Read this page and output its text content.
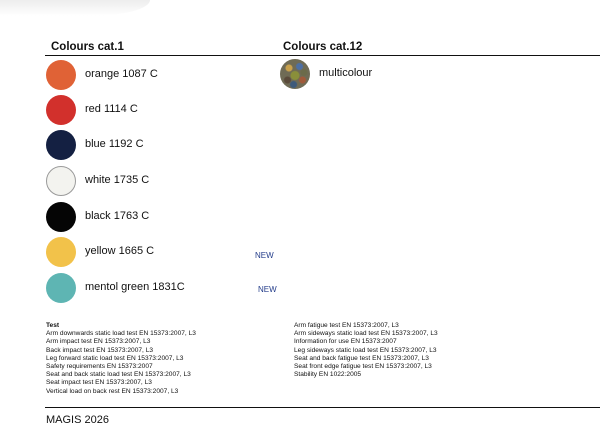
Colours cat.1	Colours cat.12
orange 1087 C
red 1114 C
blue 1192 C
white 1735 C
black 1763 C
yellow 1665 C	NEW
mentol green 1831C	NEW
multicolour
Test
Arm downwards static load test EN 15373:2007, L3
Arm impact test EN 15373:2007, L3
Back impact test EN 15373:2007, L3
Leg forward static load test EN 15373:2007, L3
Safety requirements EN 15373:2007
Seat and back static load test EN 15373:2007, L3
Seat impact test EN 15373:2007, L3
Vertical load on back rest EN 15373:2007, L3
Arm fatigue test EN 15373:2007, L3
Arm sideways static load test EN 15373:2007, L3
Information for use EN 15373:2007
Leg sideways static load test EN 15373:2007, L3
Seat and back fatigue test EN 15373:2007, L3
Seat front edge fatigue test EN 15373:2007, L3
Stability EN 1022:2005
MAGIS 2026
